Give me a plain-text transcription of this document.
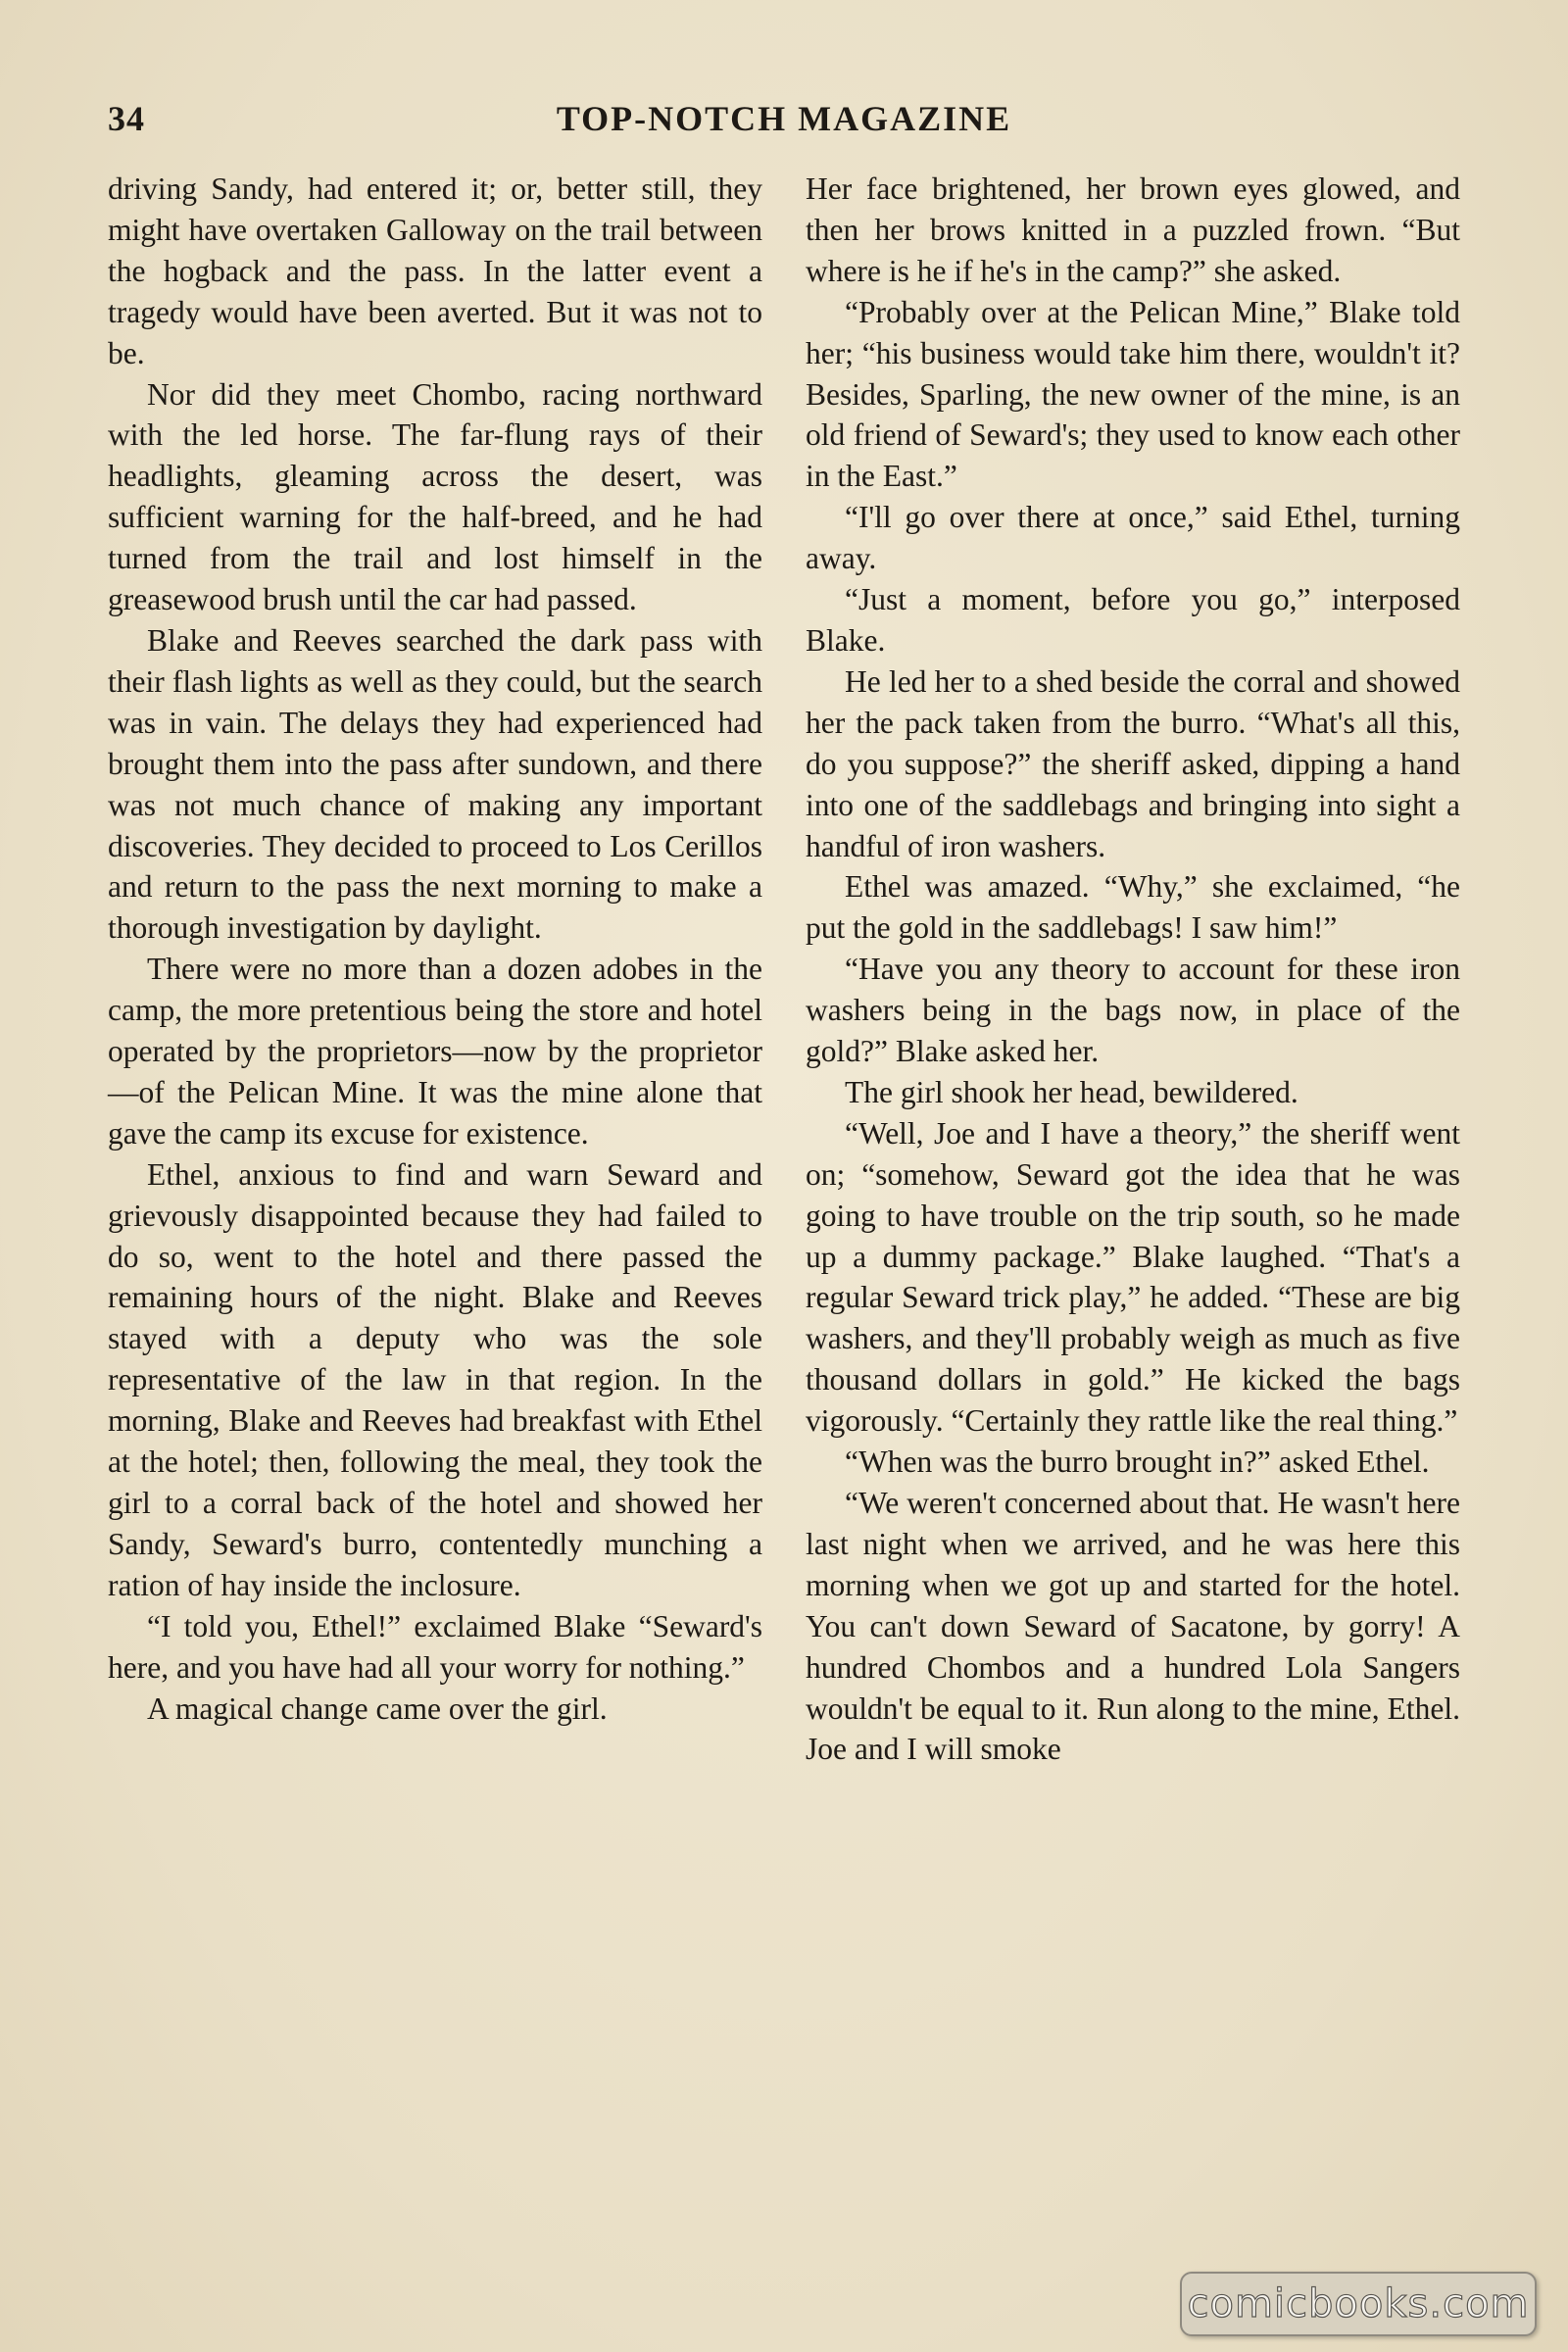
TOP-NOTCH MAGAZINE
34

driving Sandy, had entered it; or, better still, they might have overtaken Galloway on the trail between the hogback and the pass. In the latter event a tragedy would have been averted. But it was not to be.

Nor did they meet Chombo, racing northward with the led horse. The far-flung rays of their headlights, gleaming across the desert, was sufficient warning for the half-breed, and he had turned from the trail and lost himself in the greasewood brush until the car had passed.

Blake and Reeves searched the dark pass with their flash lights as well as they could, but the search was in vain. The delays they had experienced had brought them into the pass after sundown, and there was not much chance of making any important discoveries. They decided to proceed to Los Cerillos and return to the pass the next morning to make a thorough investigation by daylight.

There were no more than a dozen adobes in the camp, the more pretentious being the store and hotel operated by the proprietors—now by the proprietor—of the Pelican Mine. It was the mine alone that gave the camp its excuse for existence.

Ethel, anxious to find and warn Seward and grievously disappointed because they had failed to do so, went to the hotel and there passed the remaining hours of the night. Blake and Reeves stayed with a deputy who was the sole representative of the law in that region. In the morning, Blake and Reeves had breakfast with Ethel at the hotel; then, following the meal, they took the girl to a corral back of the hotel and showed her Sandy, Seward's burro, contentedly munching a ration of hay inside the inclosure.

“I told you, Ethel!” exclaimed Blake “Seward's here, and you have had all your worry for nothing.”

A magical change came over the girl.

Her face brightened, her brown eyes glowed, and then her brows knitted in a puzzled frown. “But where is he if he's in the camp?” she asked.

“Probably over at the Pelican Mine,” Blake told her; “his business would take him there, wouldn't it? Besides, Sparling, the new owner of the mine, is an old friend of Seward's; they used to know each other in the East.”

“I'll go over there at once,” said Ethel, turning away.

“Just a moment, before you go,” interposed Blake.

He led her to a shed beside the corral and showed her the pack taken from the burro. “What's all this, do you suppose?” the sheriff asked, dipping a hand into one of the saddlebags and bringing into sight a handful of iron washers.

Ethel was amazed. “Why,” she exclaimed, “he put the gold in the saddlebags! I saw him!”

“Have you any theory to account for these iron washers being in the bags now, in place of the gold?” Blake asked her.

The girl shook her head, bewildered.

“Well, Joe and I have a theory,” the sheriff went on; “somehow, Seward got the idea that he was going to have trouble on the trip south, so he made up a dummy package.” Blake laughed. “That's a regular Seward trick play,” he added. “These are big washers, and they'll probably weigh as much as five thousand dollars in gold.” He kicked the bags vigorously. “Certainly they rattle like the real thing.”

“When was the burro brought in?” asked Ethel.

“We weren't concerned about that. He wasn't here last night when we arrived, and he was here this morning when we got up and started for the hotel. You can't down Seward of Sacatone, by gorry! A hundred Chombos and a hundred Lola Sangers wouldn't be equal to it. Run along to the mine, Ethel. Joe and I will smoke

comicbooks.com
